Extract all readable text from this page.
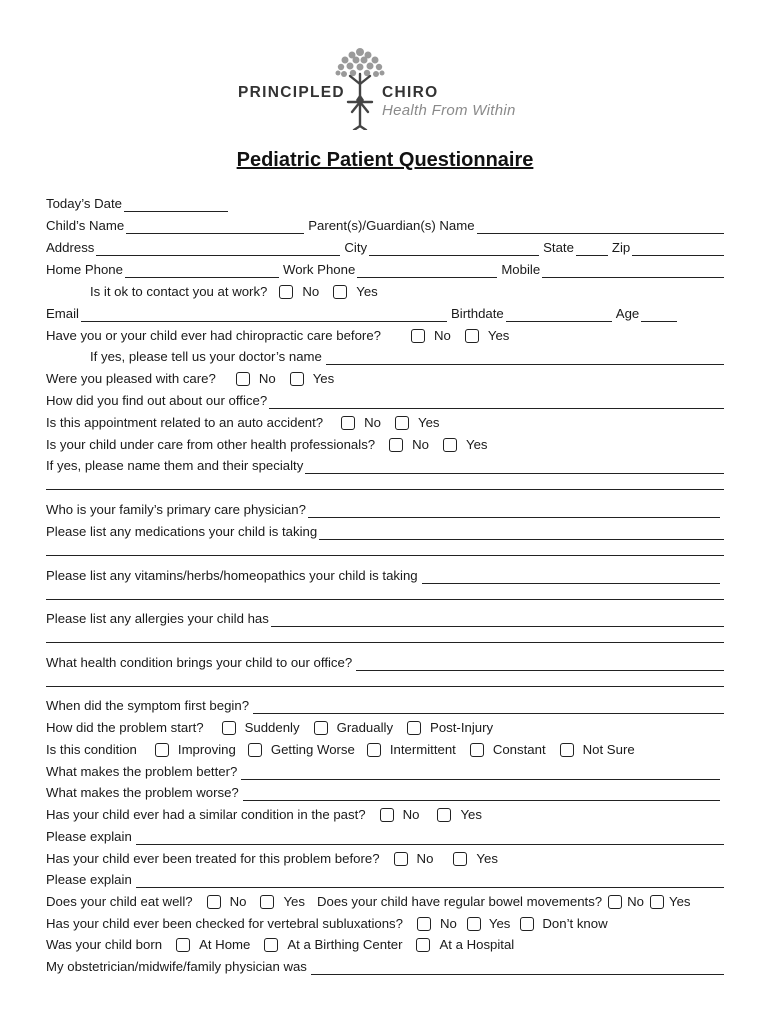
PRINCIPLED CHIRO
Health From Within
Pediatric Patient Questionnaire
Today’s Date
Child’s Name	Parent(s)/Guardian(s) Name
Address	City	State	Zip
Home Phone	Work Phone	Mobile
Is it ok to contact you at work?	No	Yes
Email	Birthdate	Age
Have you or your child ever had chiropractic care before?	No	Yes
If yes, please tell us your doctor’s name
Were you pleased with care?	No	Yes
How did you find out about our office?
Is this appointment related to an auto accident?	No	Yes
Is your child under care from other health professionals?	No	Yes
If yes, please name them and their specialty
Who is your family’s primary care physician?
Please list any medications your child is taking
Please list any vitamins/herbs/homeopathics your child is taking
Please list any allergies your child has
What health condition brings your child to our office?
When did the symptom first begin?
How did the problem start?	Suddenly	Gradually	Post-Injury
Is this condition	Improving	Getting Worse	Intermittent	Constant	Not Sure
What makes the problem better?
What makes the problem worse?
Has your child ever had a similar condition in the past?	No	Yes
Please explain
Has your child ever been treated for this problem before?	No	Yes
Please explain
Does your child eat well?	No	Yes Does your child have regular bowel movements? No Yes
Has your child ever been checked for vertebral subluxations?	No Yes Don’t know
Was your child born	At Home	At a Birthing Center	At a Hospital
My obstetrician/midwife/family physician was
